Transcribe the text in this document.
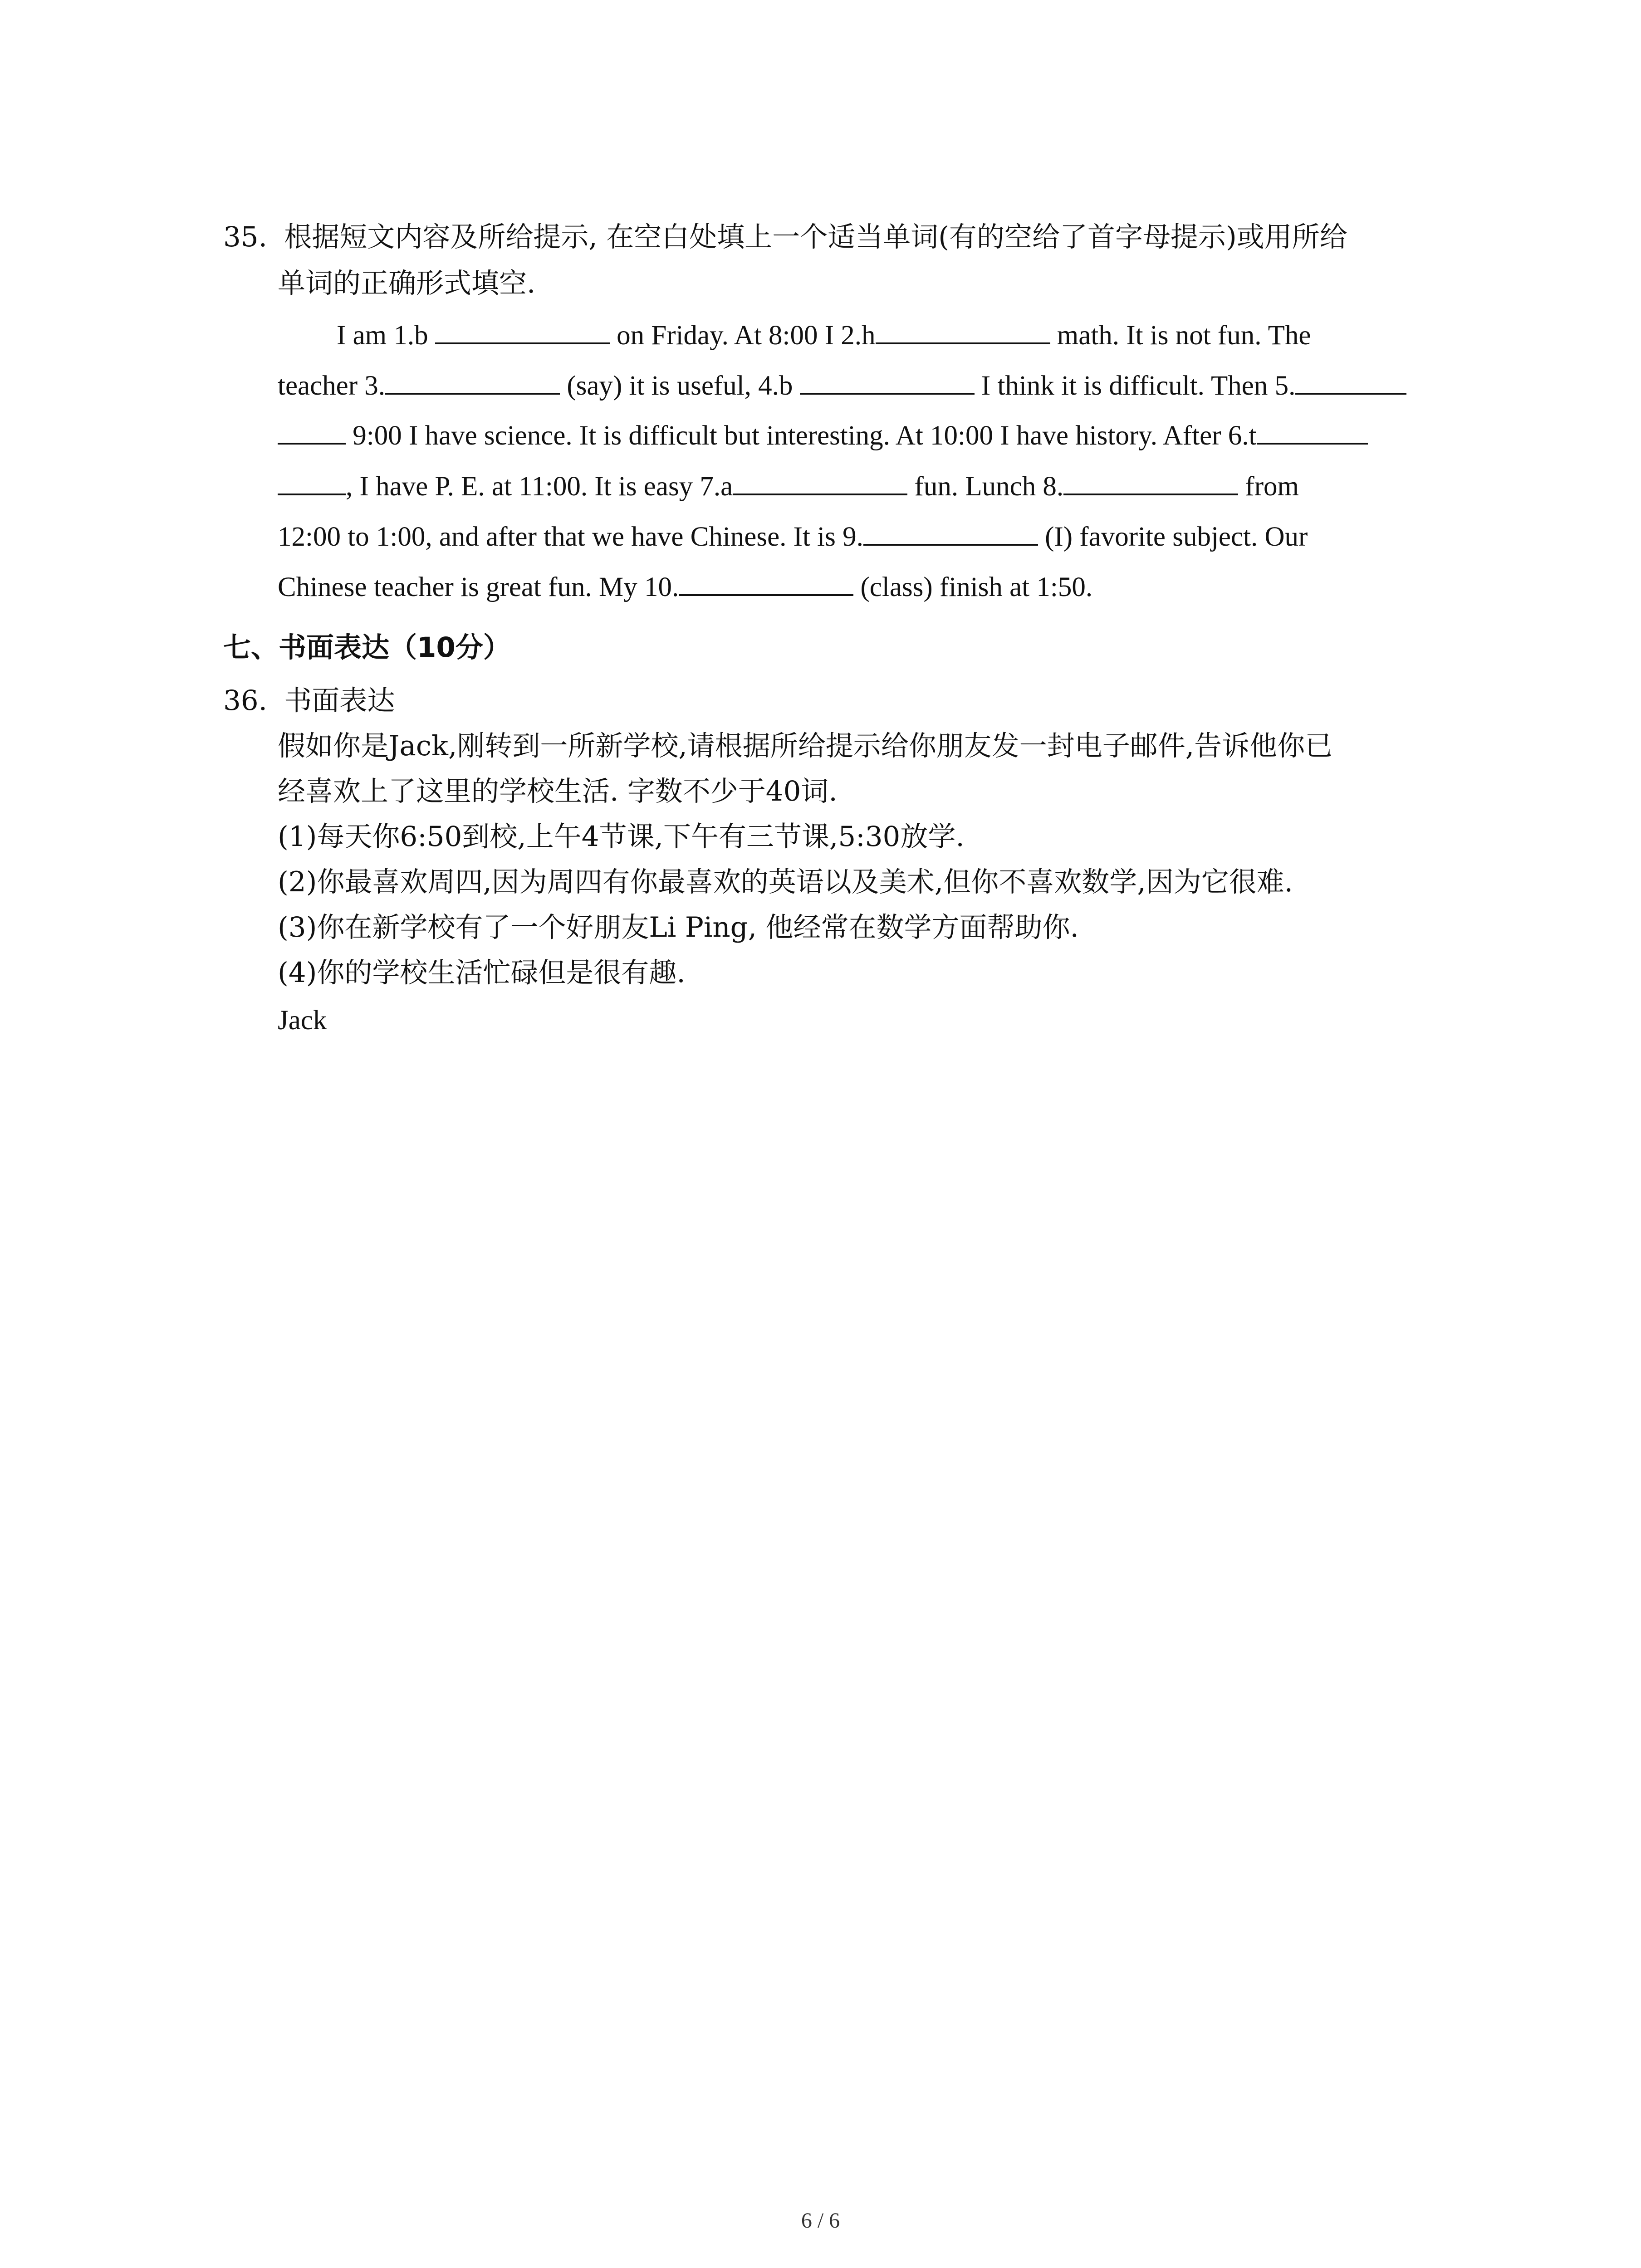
35. 根据短文内容及所给提示, 在空白处填上一个适当单词(有的空给了首字母提示)或用所给
单词的正确形式填空.
I am 1.b	on Friday. At 8:00 I 2.h	math. It is not fun. The
teacher 3.	(say) it is useful, 4.b	I think it is difficult. Then 5.
9:00 I have science. It is difficult but interesting. At 10:00 I have history. After 6.t
, I have P. E. at 11:00. It is easy 7.a	fun. Lunch 8.	from
12:00 to 1:00, and after that we have Chinese. It is 9.	(I) favorite subject. Our
Chinese teacher is great fun. My 10.	(class) finish at 1:50.
七、书面表达（10分）
36. 书面表达
假如你是Jack,刚转到一所新学校,请根据所给提示给你朋友发一封电子邮件,告诉他你已
经喜欢上了这里的学校生活. 字数不少于40词.
(1)每天你6:50到校,上午4节课,下午有三节课,5:30放学.
(2)你最喜欢周四,因为周四有你最喜欢的英语以及美术,但你不喜欢数学,因为它很难.
(3)你在新学校有了一个好朋友Li Ping, 他经常在数学方面帮助你.
(4)你的学校生活忙碌但是很有趣.
Jack
6 / 6
